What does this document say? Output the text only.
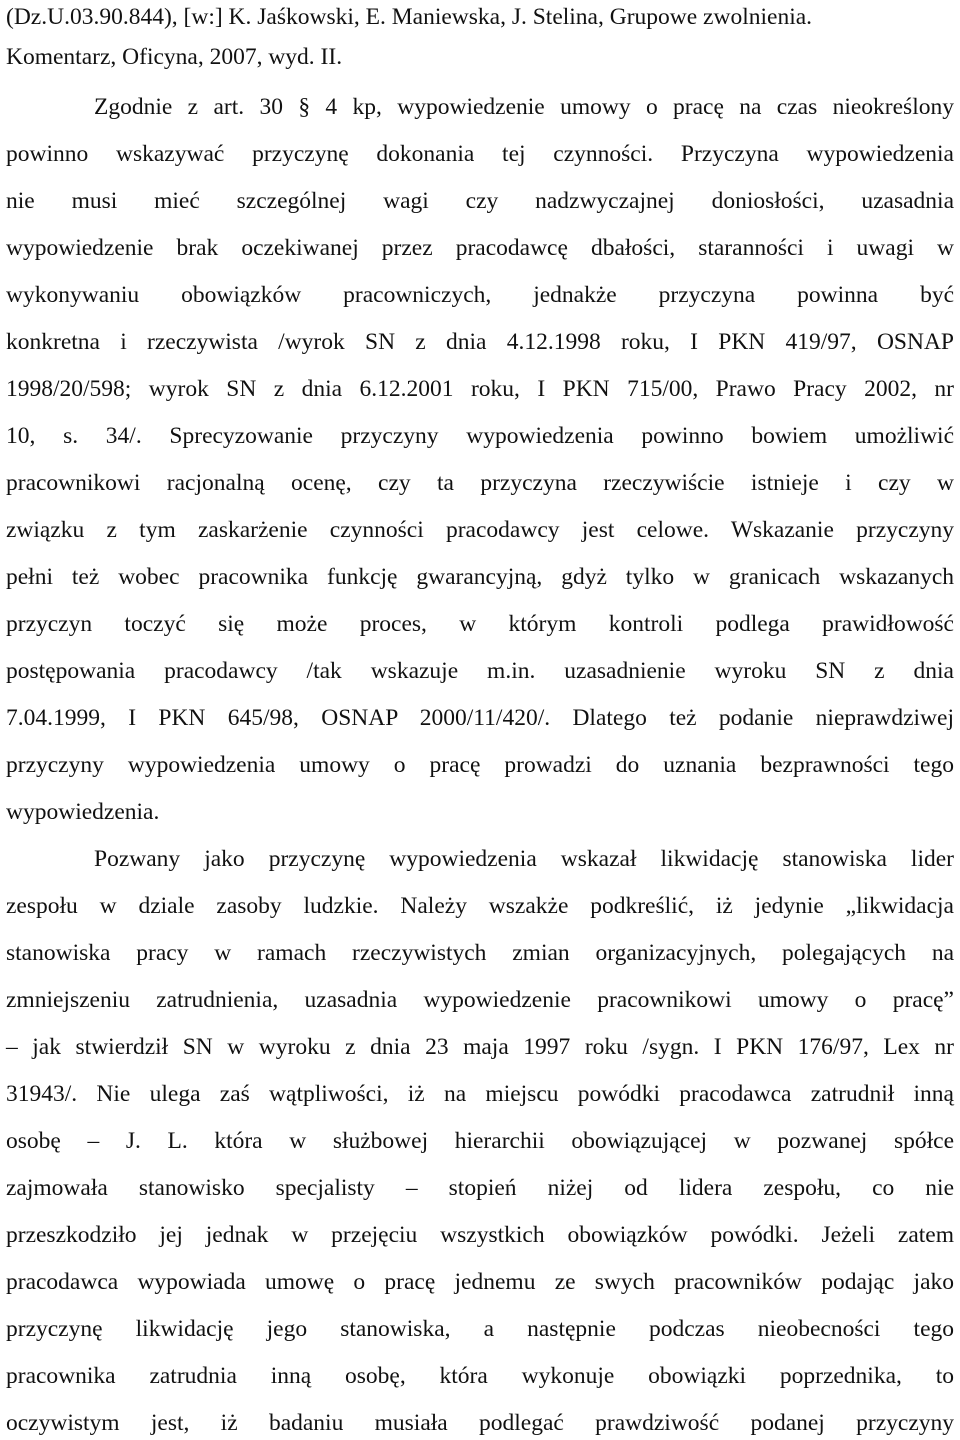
(Dz.U.03.90.844), [w:] K. Jaśkowski, E. Maniewska, J. Stelina, Grupowe zwolnienia.
Komentarz, Oficyna, 2007, wyd. II.
Zgodnie z art. 30 § 4 kp, wypowiedzenie umowy o pracę na czas nieokreślony
powinno wskazywać przyczynę dokonania tej czynności. Przyczyna wypowiedzenia
nie musi mieć szczególnej wagi czy nadzwyczajnej doniosłości, uzasadnia
wypowiedzenie brak oczekiwanej przez pracodawcę dbałości, staranności i uwagi w
wykonywaniu obowiązków pracowniczych, jednakże przyczyna powinna być
konkretna i rzeczywista /wyrok SN z dnia 4.12.1998 roku, I PKN 419/97, OSNAP
1998/20/598; wyrok SN z dnia 6.12.2001 roku, I PKN 715/00, Prawo Pracy 2002, nr
10, s. 34/. Sprecyzowanie przyczyny wypowiedzenia powinno bowiem umożliwić
pracownikowi racjonalną ocenę, czy ta przyczyna rzeczywiście istnieje i czy w
związku z tym zaskarżenie czynności pracodawcy jest celowe. Wskazanie przyczyny
pełni też wobec pracownika funkcję gwarancyjną, gdyż tylko w granicach wskazanych
przyczyn toczyć się może proces, w którym kontroli podlega prawidłowość
postępowania pracodawcy /tak wskazuje m.in. uzasadnienie wyroku SN z dnia
7.04.1999, I PKN 645/98, OSNAP 2000/11/420/. Dlatego też podanie nieprawdziwej
przyczyny wypowiedzenia umowy o pracę prowadzi do uznania bezprawności tego
wypowiedzenia.
Pozwany jako przyczynę wypowiedzenia wskazał likwidację stanowiska lider
zespołu w dziale zasoby ludzkie. Należy wszakże podkreślić, iż jedynie „likwidacja
stanowiska pracy w ramach rzeczywistych zmian organizacyjnych, polegających na
zmniejszeniu zatrudnienia, uzasadnia wypowiedzenie pracownikowi umowy o pracę”
– jak stwierdził SN w wyroku z dnia 23 maja 1997 roku /sygn. I PKN 176/97, Lex nr
31943/. Nie ulega zaś wątpliwości, iż na miejscu powódki pracodawca zatrudnił inną
osobę – J. L. która w służbowej hierarchii obowiązującej w pozwanej spółce
zajmowała stanowisko specjalisty – stopień niżej od lidera zespołu, co nie
przeszkodziło jej jednak w przejęciu wszystkich obowiązków powódki. Jeżeli zatem
pracodawca wypowiada umowę o pracę jednemu ze swych pracowników podając jako
przyczynę likwidację jego stanowiska, a następnie podczas nieobecności tego
pracownika zatrudnia inną osobę, która wykonuje obowiązki poprzednika, to
oczywistym jest, iż badaniu musiała podlegać prawdziwość podanej przyczyny
